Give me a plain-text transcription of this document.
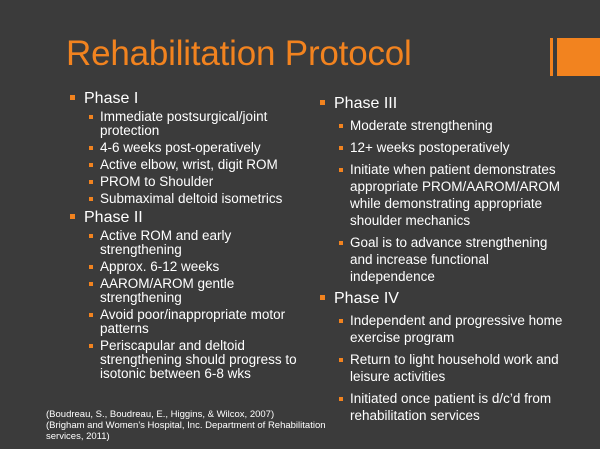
Rehabilitation Protocol
Phase I
Immediate postsurgical/joint protection
4-6 weeks post-operatively
Active elbow, wrist, digit ROM
PROM to Shoulder
Submaximal deltoid isometrics
Phase II
Active ROM and early strengthening
Approx. 6-12 weeks
AAROM/AROM gentle strengthening
Avoid poor/inappropriate motor patterns
Periscapular and deltoid strengthening should progress to isotonic between 6-8 wks
Phase III
Moderate strengthening
12+ weeks postoperatively
Initiate when patient demonstrates appropriate PROM/AAROM/AROM while demonstrating appropriate shoulder mechanics
Goal is to advance strengthening and increase functional independence
Phase IV
Independent and progressive home exercise program
Return to light household work and leisure activities
Initiated once patient is d/c’d from rehabilitation services
(Boudreau, S., Boudreau, E., Higgins, & Wilcox, 2007)
(Brigham and Women’s Hospital, Inc. Department of Rehabilitation services, 2011)
